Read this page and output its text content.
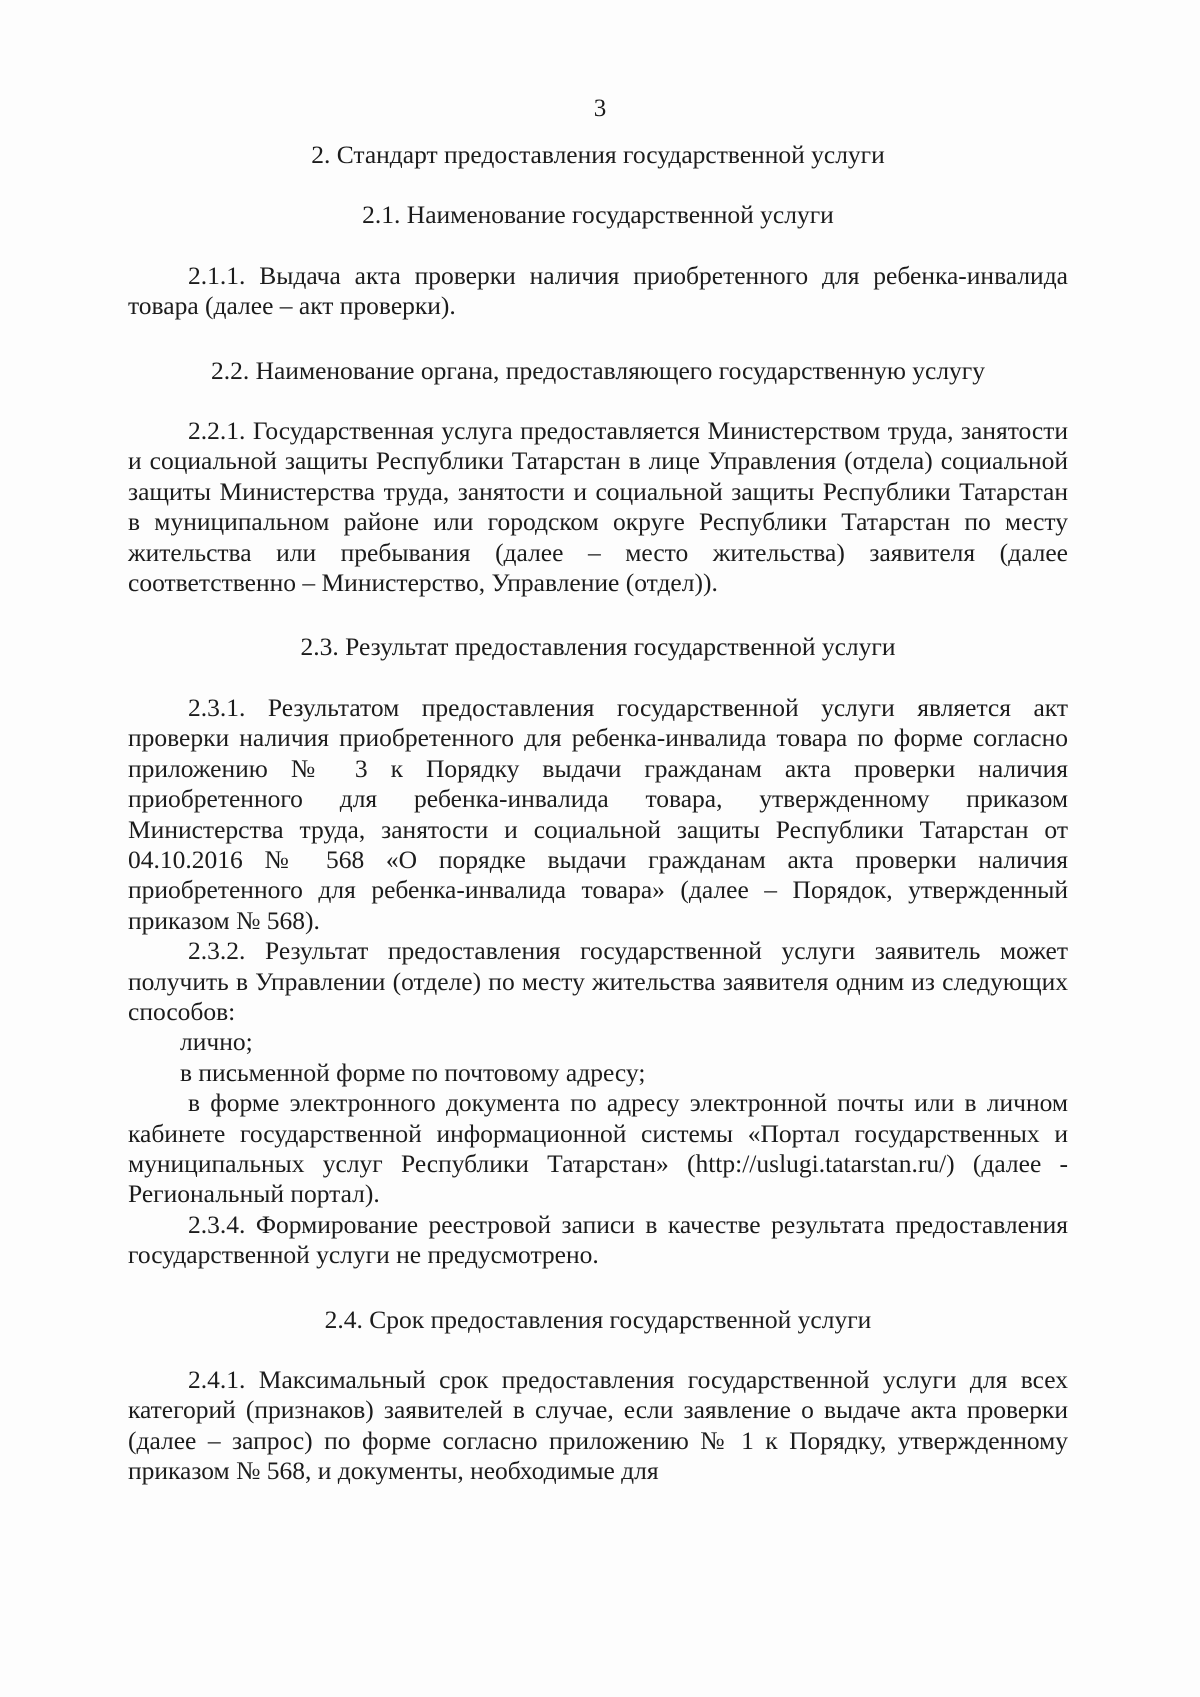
3

2. Стандарт предоставления государственной услуги

2.1. Наименование государственной услуги

2.1.1. Выдача акта проверки наличия приобретенного для ребенка-инвалида товара (далее – акт проверки).

2.2. Наименование органа, предоставляющего государственную услугу

2.2.1. Государственная услуга предоставляется Министерством труда, занятости и социальной защиты Республики Татарстан в лице Управления (отдела) социальной защиты Министерства труда, занятости и социальной защиты Республики Татарстан в муниципальном районе или городском округе Республики Татарстан по месту жительства или пребывания (далее – место жительства) заявителя (далее соответственно – Министерство, Управление (отдел)).

2.3. Результат предоставления государственной услуги

2.3.1. Результатом предоставления государственной услуги является акт проверки наличия приобретенного для ребенка-инвалида товара по форме согласно приложению № 3 к Порядку выдачи гражданам акта проверки наличия приобретенного для ребенка-инвалида товара, утвержденному приказом Министерства труда, занятости и социальной защиты Республики Татарстан от 04.10.2016 № 568 «О порядке выдачи гражданам акта проверки наличия приобретенного для ребенка-инвалида товара» (далее – Порядок, утвержденный приказом № 568).

2.3.2. Результат предоставления государственной услуги заявитель может получить в Управлении (отделе) по месту жительства заявителя одним из следующих способов:

лично;

в письменной форме по почтовому адресу;

в форме электронного документа по адресу электронной почты или в личном кабинете государственной информационной системы «Портал государственных и муниципальных услуг Республики Татарстан» (http://uslugi.tatarstan.ru/) (далее - Региональный портал).

2.3.4. Формирование реестровой записи в качестве результата предоставления государственной услуги не предусмотрено.

2.4. Срок предоставления государственной услуги

2.4.1. Максимальный срок предоставления государственной услуги для всех категорий (признаков) заявителей в случае, если заявление о выдаче акта проверки (далее – запрос) по форме согласно приложению № 1 к Порядку, утвержденному приказом № 568, и документы, необходимые для
